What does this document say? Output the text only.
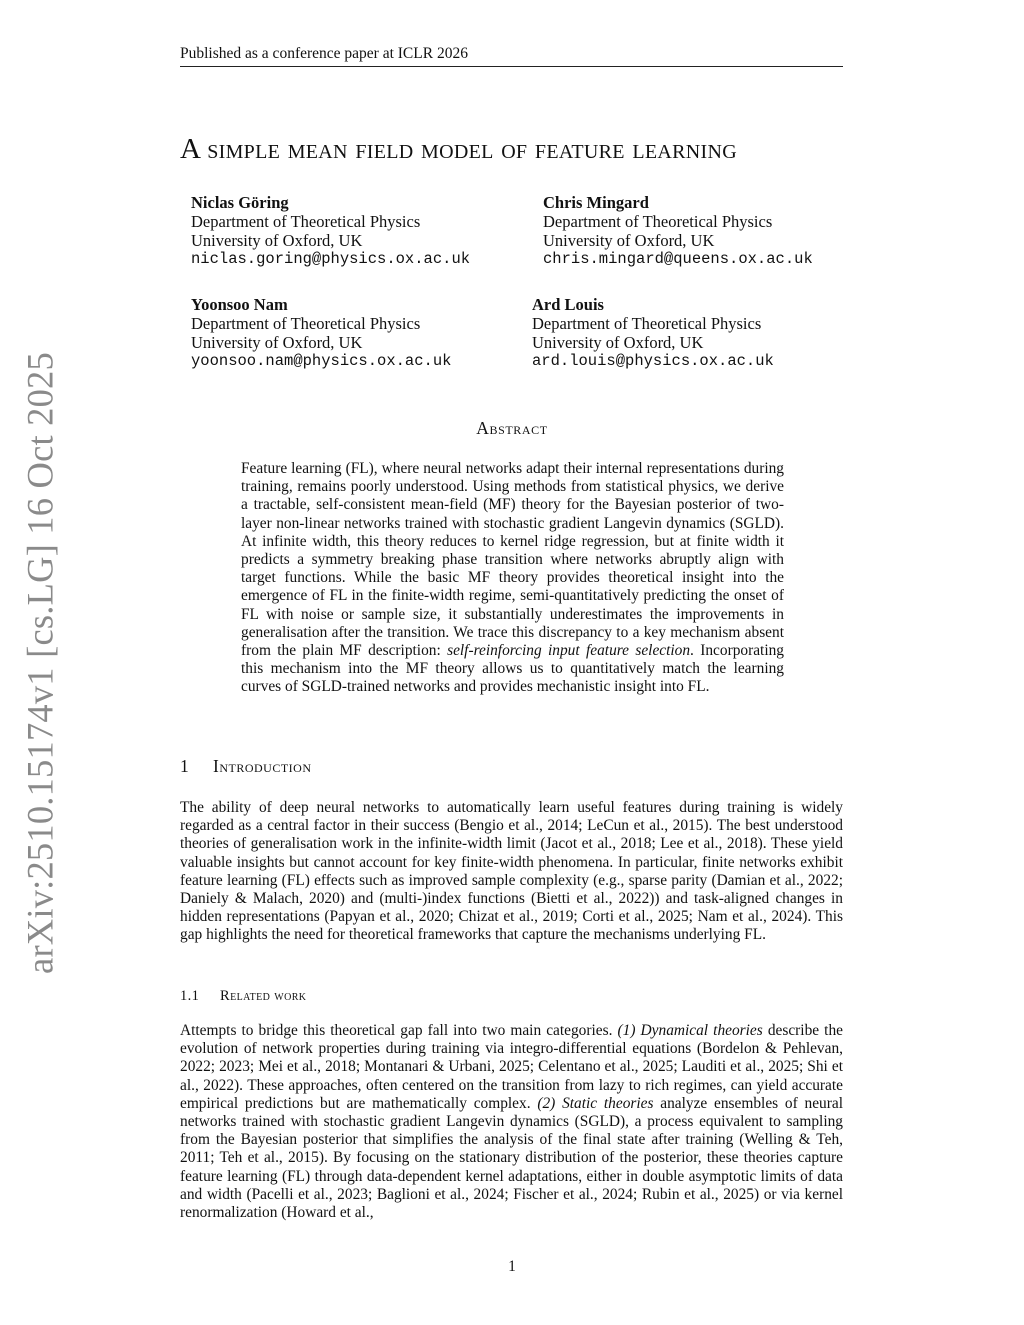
Published as a conference paper at ICLR 2026
arXiv:2510.15174v1 [cs.LG] 16 Oct 2025
A simple mean field model of feature learning
Niclas Göring
Department of Theoretical Physics
University of Oxford, UK
niclas.goring@physics.ox.ac.uk
Chris Mingard
Department of Theoretical Physics
University of Oxford, UK
chris.mingard@queens.ox.ac.uk
Yoonsoo Nam
Department of Theoretical Physics
University of Oxford, UK
yoonsoo.nam@physics.ox.ac.uk
Ard Louis
Department of Theoretical Physics
University of Oxford, UK
ard.louis@physics.ox.ac.uk
Abstract

Feature learning (FL), where neural networks adapt their internal representations during training, remains poorly understood. Using methods from statistical physics, we derive a tractable, self-consistent mean-field (MF) theory for the Bayesian posterior of two-layer non-linear networks trained with stochastic gradient Langevin dynamics (SGLD). At infinite width, this theory reduces to kernel ridge regression, but at finite width it predicts a symmetry breaking phase transition where networks abruptly align with target functions. While the basic MF theory provides theoretical insight into the emergence of FL in the finite-width regime, semi-quantitatively predicting the onset of FL with noise or sample size, it substantially underestimates the improvements in generalisation after the transition. We trace this discrepancy to a key mechanism absent from the plain MF description: self-reinforcing input feature selection. Incorporating this mechanism into the MF theory allows us to quantitatively match the learning curves of SGLD-trained networks and provides mechanistic insight into FL.

1 Introduction

The ability of deep neural networks to automatically learn useful features during training is widely regarded as a central factor in their success (Bengio et al., 2014; LeCun et al., 2015). The best understood theories of generalisation work in the infinite-width limit (Jacot et al., 2018; Lee et al., 2018). These yield valuable insights but cannot account for key finite-width phenomena. In particular, finite networks exhibit feature learning (FL) effects such as improved sample complexity (e.g., sparse parity (Damian et al., 2022; Daniely & Malach, 2020) and (multi-)index functions (Bietti et al., 2022)) and task-aligned changes in hidden representations (Papyan et al., 2020; Chizat et al., 2019; Corti et al., 2025; Nam et al., 2024). This gap highlights the need for theoretical frameworks that capture the mechanisms underlying FL.

1.1 Related work

Attempts to bridge this theoretical gap fall into two main categories. (1) Dynamical theories describe the evolution of network properties during training via integro-differential equations (Bordelon & Pehlevan, 2022; 2023; Mei et al., 2018; Montanari & Urbani, 2025; Celentano et al., 2025; Lauditi et al., 2025; Shi et al., 2022). These approaches, often centered on the transition from lazy to rich regimes, can yield accurate empirical predictions but are mathematically complex. (2) Static theories analyze ensembles of neural networks trained with stochastic gradient Langevin dynamics (SGLD), a process equivalent to sampling from the Bayesian posterior that simplifies the analysis of the final state after training (Welling & Teh, 2011; Teh et al., 2015). By focusing on the stationary distribution of the posterior, these theories capture feature learning (FL) through data-dependent kernel adaptations, either in double asymptotic limits of data and width (Pacelli et al., 2023; Baglioni et al., 2024; Fischer et al., 2024; Rubin et al., 2025) or via kernel renormalization (Howard et al.,

1
